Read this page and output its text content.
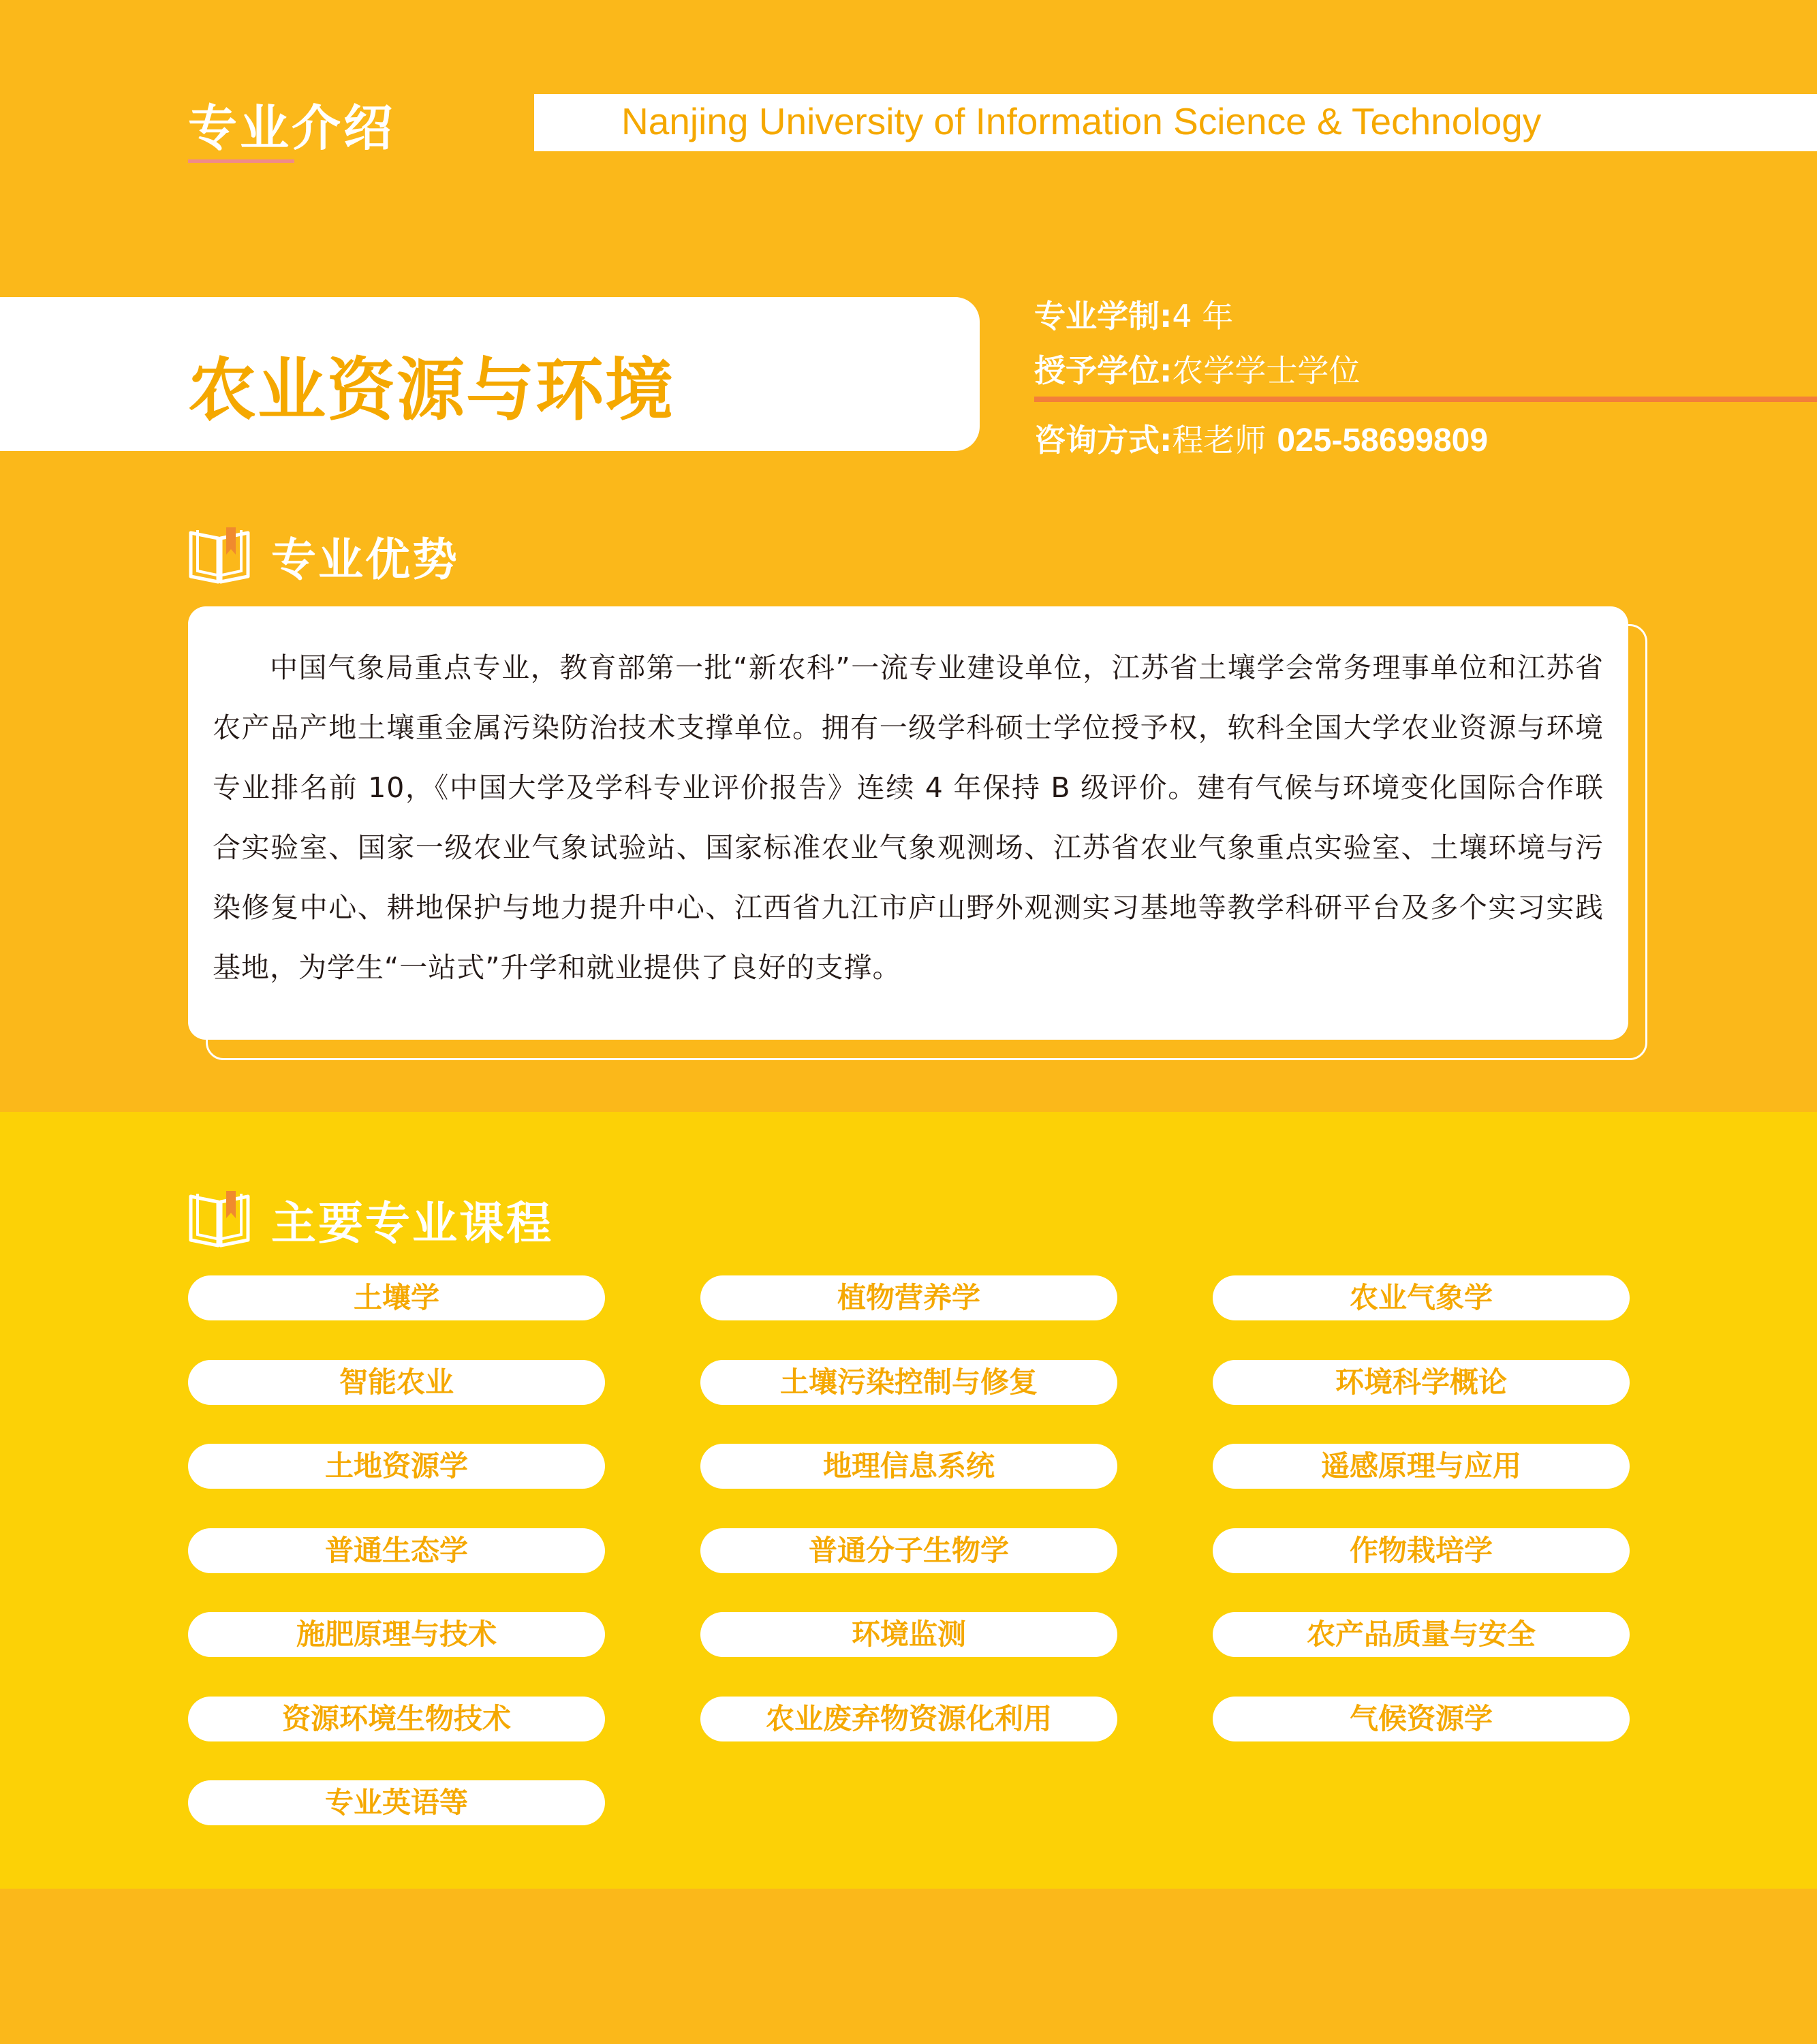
专业介绍	Nanjing University of Information Science & Technology
农业资源与环境
专业学制:4 年
授予学位:农学学士学位
咨询方式:程老师 025-58699809
专业优势

中国气象局重点专业，教育部第一批“新农科”一流专业建设单位，江苏省土壤学会常务理事单位和江苏省农产品产地土壤重金属污染防治技术支撑单位。拥有一级学科硕士学位授予权，软科全国大学农业资源与环境专业排名前 10，《中国大学及学科专业评价报告》连续 4 年保持 B 级评价。建有气候与环境变化国际合作联合实验室、国家一级农业气象试验站、国家标准农业气象观测场、江苏省农业气象重点实验室、土壤环境与污染修复中心、耕地保护与地力提升中心、江西省九江市庐山野外观测实习基地等教学科研平台及多个实习实践基地，为学生“一站式”升学和就业提供了良好的支撑。

主要专业课程
土壤学	植物营养学	农业气象学
智能农业	土壤污染控制与修复	环境科学概论
土地资源学	地理信息系统	遥感原理与应用
普通生态学	普通分子生物学	作物栽培学
施肥原理与技术	环境监测	农产品质量与安全
资源环境生物技术	农业废弃物资源化利用	气候资源学
专业英语等
